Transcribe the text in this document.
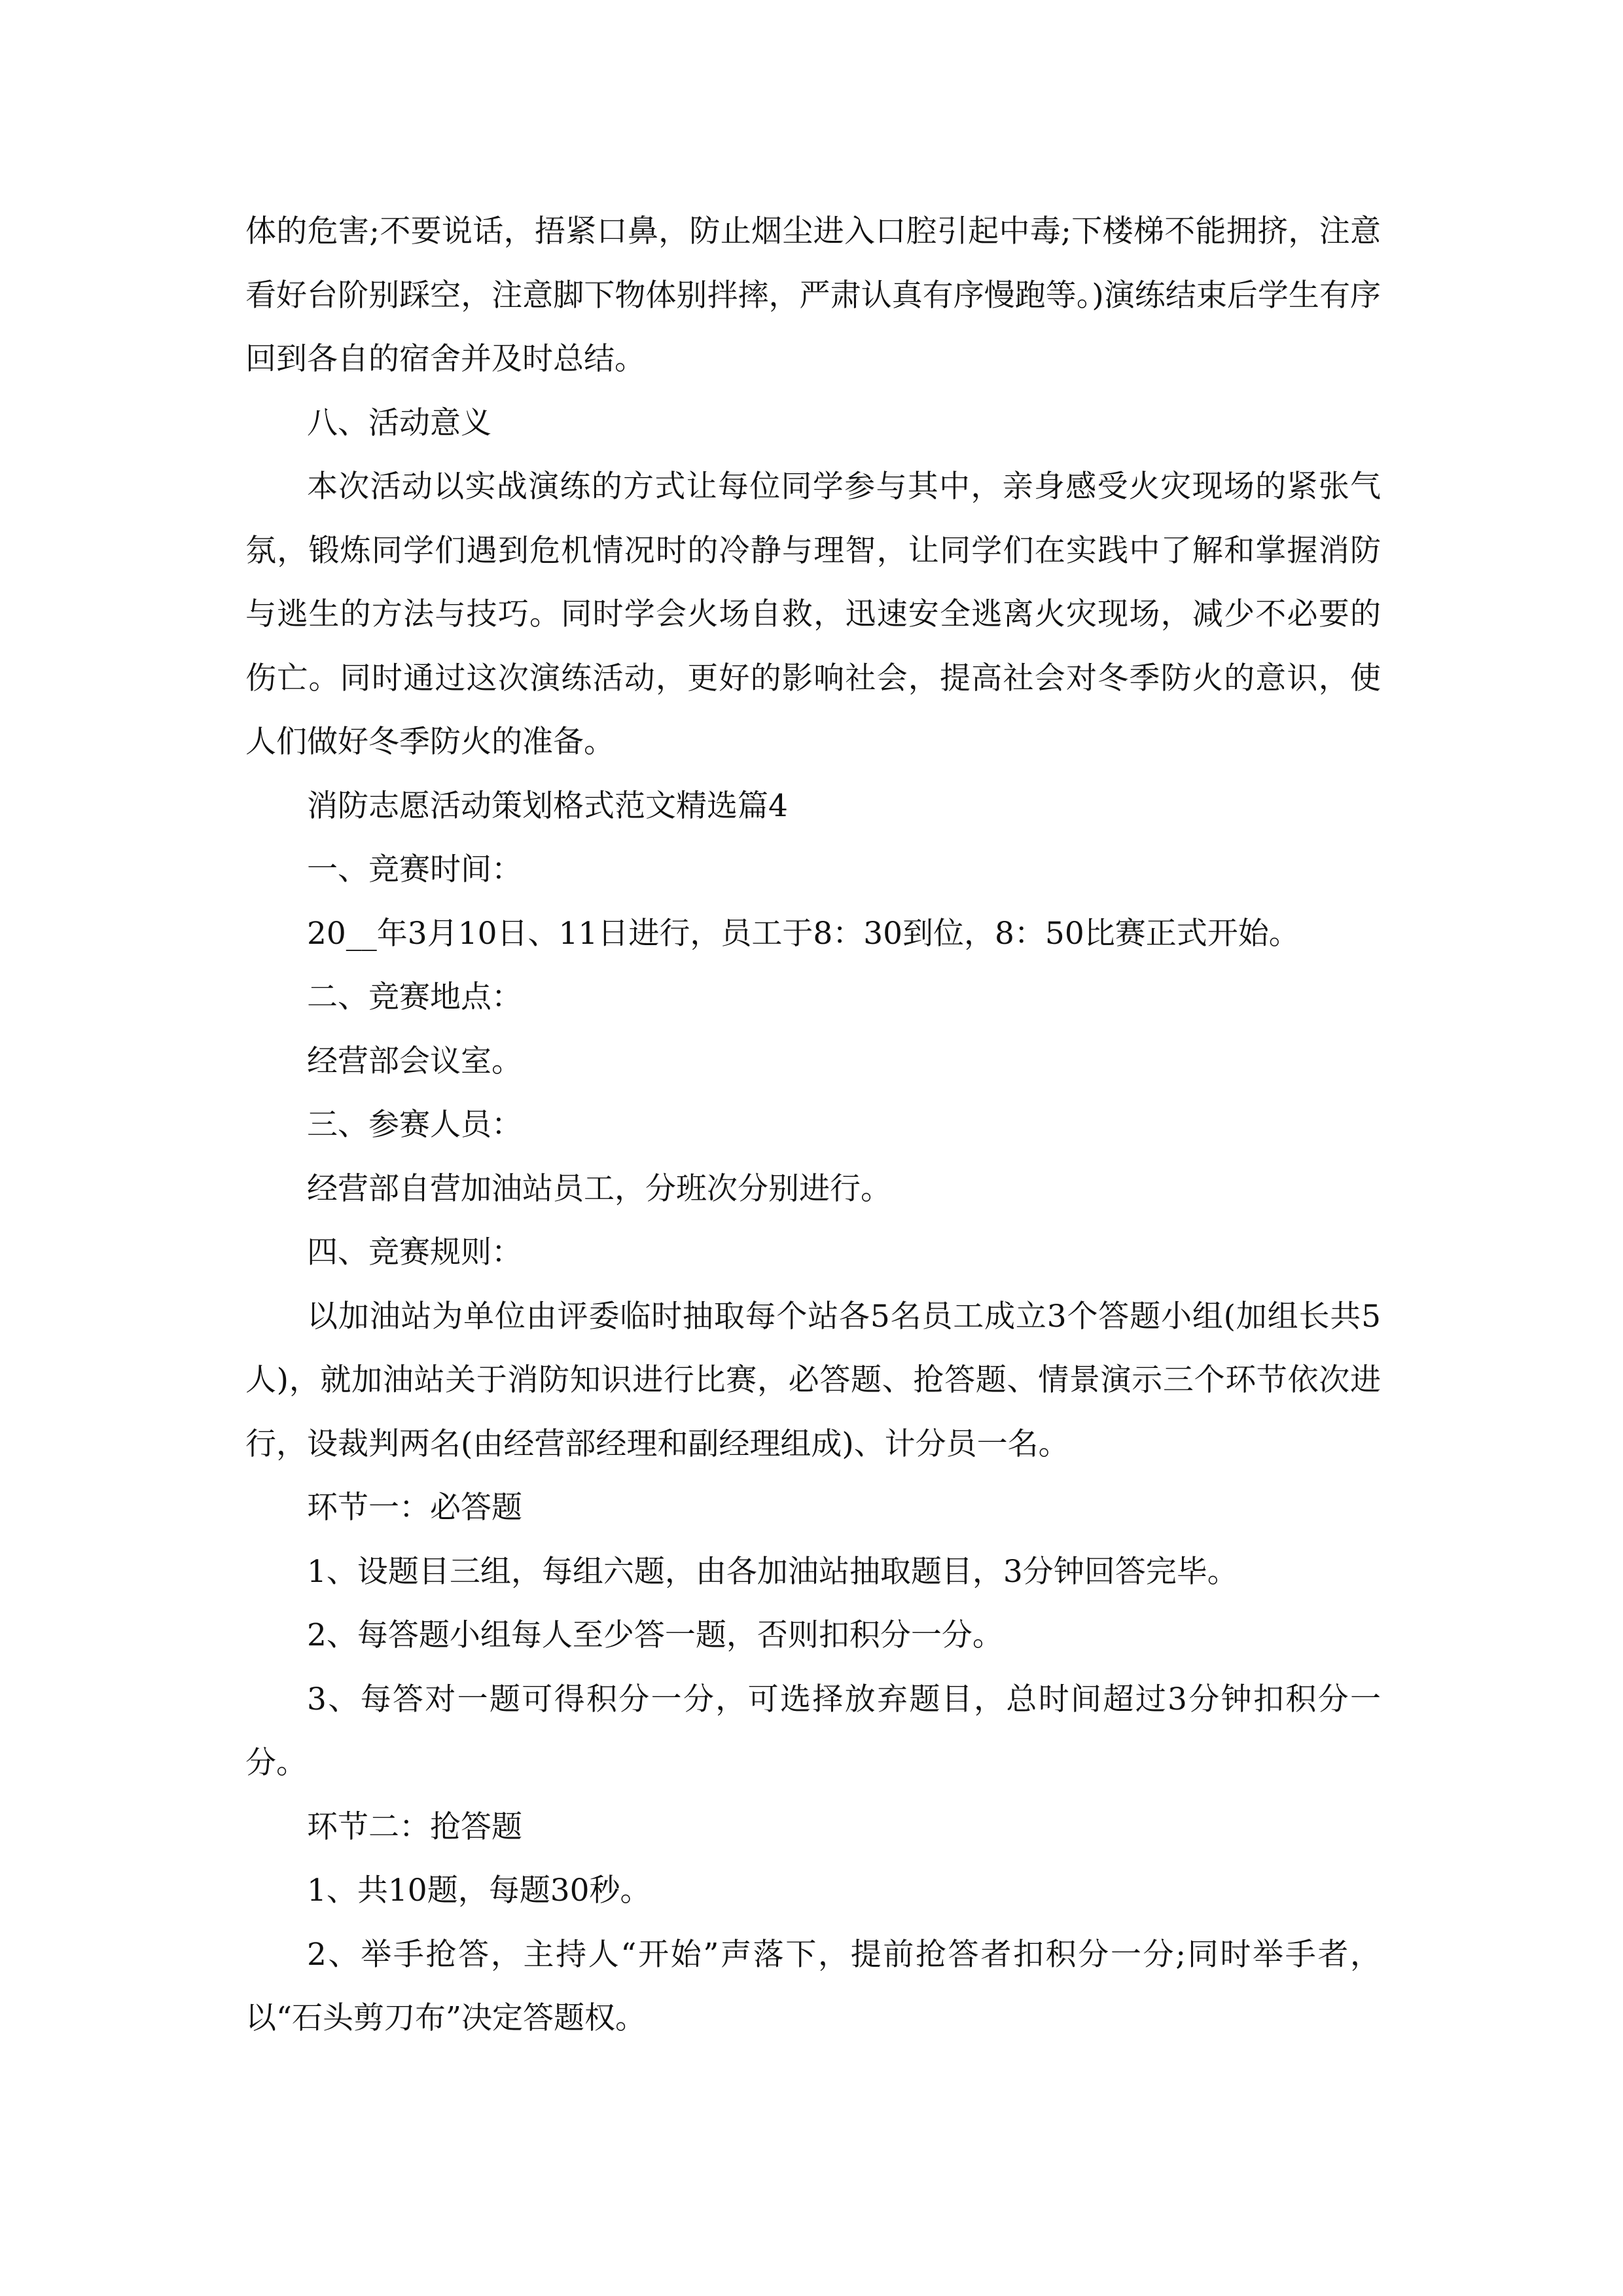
体的危害;不要说话，捂紧口鼻，防止烟尘进入口腔引起中毒;下楼梯不能拥挤，注意看好台阶别踩空，注意脚下物体别拌摔，严肃认真有序慢跑等。)演练结束后学生有序回到各自的宿舍并及时总结。

八、活动意义

本次活动以实战演练的方式让每位同学参与其中，亲身感受火灾现场的紧张气氛，锻炼同学们遇到危机情况时的冷静与理智，让同学们在实践中了解和掌握消防与逃生的方法与技巧。同时学会火场自救，迅速安全逃离火灾现场，减少不必要的伤亡。同时通过这次演练活动，更好的影响社会，提高社会对冬季防火的意识，使人们做好冬季防火的准备。

消防志愿活动策划格式范文精选篇4

一、竞赛时间：

20__年3月10日、11日进行，员工于8：30到位，8：50比赛正式开始。

二、竞赛地点：

经营部会议室。

三、参赛人员：

经营部自营加油站员工，分班次分别进行。

四、竞赛规则：

以加油站为单位由评委临时抽取每个站各5名员工成立3个答题小组(加组长共5人)，就加油站关于消防知识进行比赛，必答题、抢答题、情景演示三个环节依次进行，设裁判两名(由经营部经理和副经理组成)、计分员一名。

环节一：必答题

1、设题目三组，每组六题，由各加油站抽取题目，3分钟回答完毕。

2、每答题小组每人至少答一题，否则扣积分一分。

3、每答对一题可得积分一分，可选择放弃题目，总时间超过3分钟扣积分一分。

环节二：抢答题

1、共10题，每题30秒。

2、举手抢答，主持人“开始”声落下，提前抢答者扣积分一分;同时举手者，以“石头剪刀布”决定答题权。
